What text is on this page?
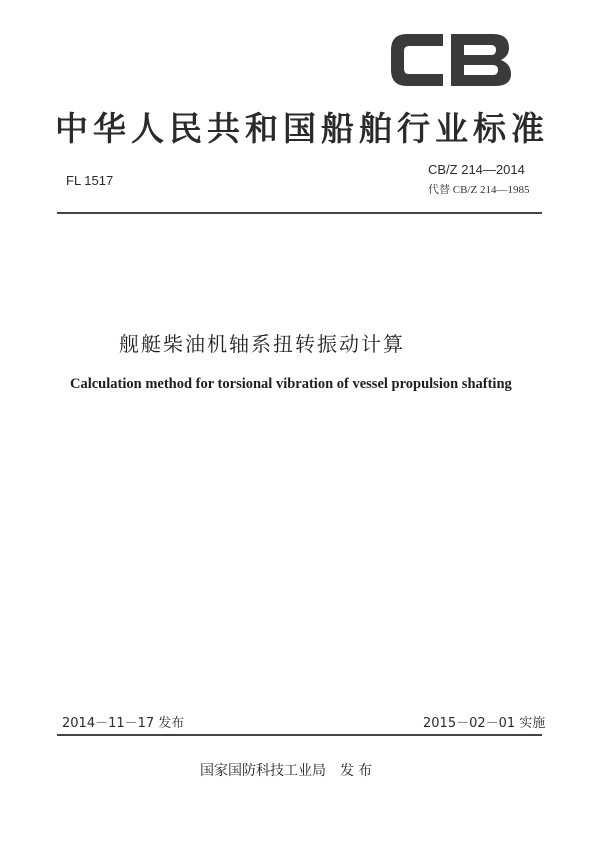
中华人民共和国船舶行业标准
FL 1517
CB/Z 214—2014
代替 CB/Z 214—1985
舰艇柴油机轴系扭转振动计算
Calculation method for torsional vibration of vessel propulsion shafting
2014－11－17 发布	2015－02－01 实施
国家国防科技工业局 发布
